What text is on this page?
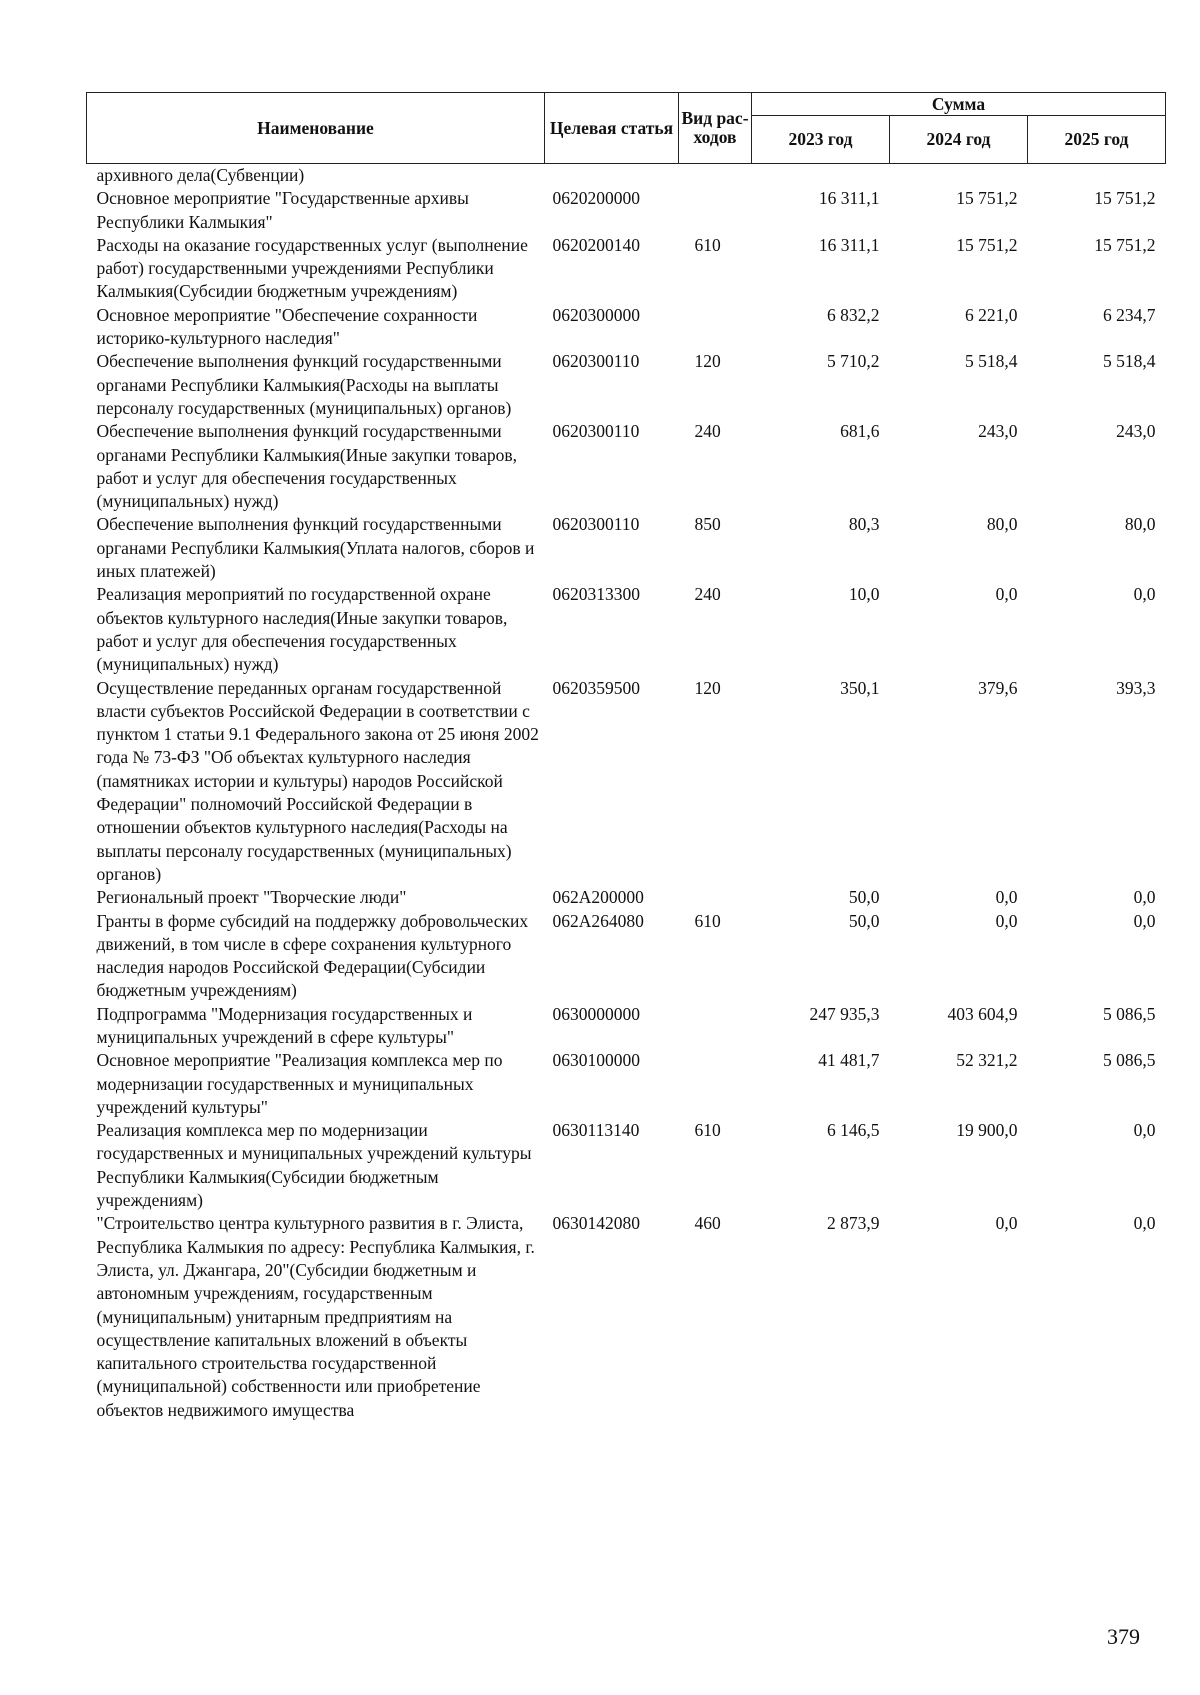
Наименование	Целевая статья	Вид рас-ходов	Сумма		
			2023 год	2024 год	2025 год
архивного дела(Субвенции)					
Основное мероприятие "Государственные архивы Республики Калмыкия"	0620200000		16 311,1	15 751,2	15 751,2
Расходы на оказание государственных услуг (выполнение работ) государственными учреждениями Республики Калмыкия(Субсидии бюджетным учреждениям)	0620200140	610	16 311,1	15 751,2	15 751,2
Основное мероприятие "Обеспечение сохранности историко-культурного наследия"	0620300000		6 832,2	6 221,0	6 234,7
Обеспечение выполнения функций государственными органами Республики Калмыкия(Расходы на выплаты персоналу государственных (муниципальных) органов)	0620300110	120	5 710,2	5 518,4	5 518,4
Обеспечение выполнения функций государственными органами Республики Калмыкия(Иные закупки товаров, работ и услуг для обеспечения государственных (муниципальных) нужд)	0620300110	240	681,6	243,0	243,0
Обеспечение выполнения функций государственными органами Республики Калмыкия(Уплата налогов, сборов и иных платежей)	0620300110	850	80,3	80,0	80,0
Реализация мероприятий по государственной охране объектов культурного наследия(Иные закупки товаров, работ и услуг для обеспечения государственных (муниципальных) нужд)	0620313300	240	10,0	0,0	0,0
Осуществление переданных органам государственной власти субъектов Российской Федерации в соответствии с пунктом 1 статьи 9.1 Федерального закона от 25 июня 2002 года № 73-ФЗ "Об объектах культурного наследия (памятниках истории и культуры) народов Российской Федерации" полномочий Российской Федерации в отношении объектов культурного наследия(Расходы на выплаты персоналу государственных (муниципальных) органов)	0620359500	120	350,1	379,6	393,3
Региональный проект "Творческие люди"	062A200000		50,0	0,0	0,0
Гранты в форме субсидий на поддержку добровольческих движений, в том числе в сфере сохранения культурного наследия народов Российской Федерации(Субсидии бюджетным учреждениям)	062A264080	610	50,0	0,0	0,0
Подпрограмма "Модернизация государственных и муниципальных учреждений в сфере культуры"	0630000000		247 935,3	403 604,9	5 086,5
Основное мероприятие "Реализация комплекса мер по модернизации государственных и муниципальных учреждений культуры"	0630100000		41 481,7	52 321,2	5 086,5
Реализация комплекса мер по модернизации государственных и муниципальных учреждений культуры Республики Калмыкия(Субсидии бюджетным учреждениям)	0630113140	610	6 146,5	19 900,0	0,0
"Строительство центра культурного развития в г. Элиста, Республика Калмыкия по адресу: Республика Калмыкия, г. Элиста, ул. Джангара, 20"(Субсидии бюджетным и автономным учреждениям, государственным (муниципальным) унитарным предприятиям на осуществление капитальных вложений в объекты капитального строительства государственной (муниципальной) собственности или приобретение объектов недвижимого имущества	0630142080	460	2 873,9	0,0	0,0
379
